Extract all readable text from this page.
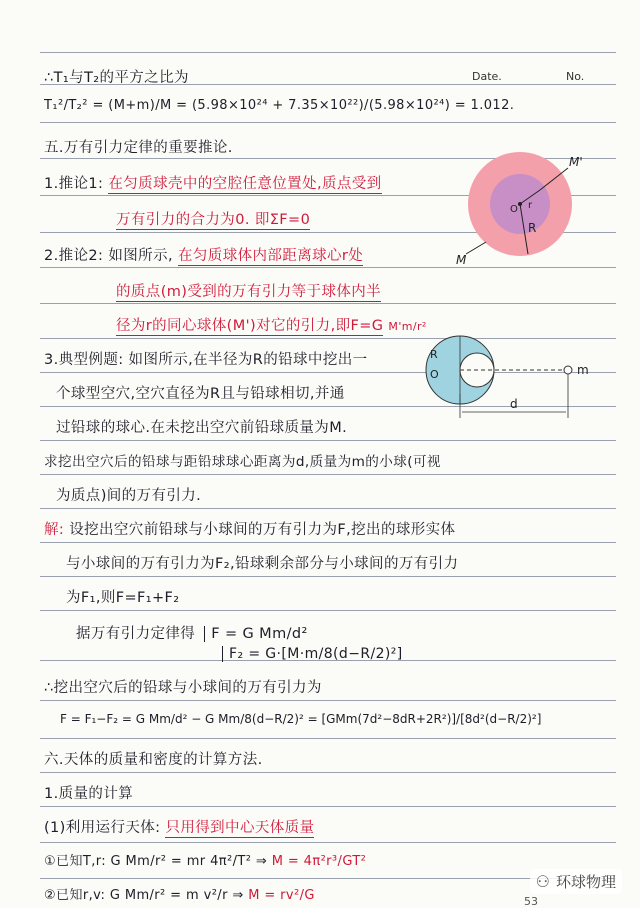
Date.	No.
∴T₁与T₂的平方之比为
T₁²/T₂² = (M+m)/M = (5.98×10²⁴ + 7.35×10²²)/(5.98×10²⁴) = 1.012.
五.万有引力定律的重要推论.
1.推论1: 在匀质球壳中的空腔任意位置处,质点受到
万有引力的合力为0. 即ΣF=0
2.推论2: 如图所示, 在匀质球体内部距离球心r处
的质点(m)受到的万有引力等于球体内半
径为r的同心球体(M')对它的引力,即F=G M'm/r²
3.典型例题: 如图所示,在半径为R的铅球中挖出一
个球型空穴,空穴直径为R且与铅球相切,并通
过铅球的球心.在未挖出空穴前铅球质量为M.
求挖出空穴后的铅球与距铅球球心距离为d,质量为m的小球(可视
为质点)间的万有引力.
解: 设挖出空穴前铅球与小球间的万有引力为F,挖出的球形实体
与小球间的万有引力为F₂,铅球剩余部分与小球间的万有引力
为F₁,则F=F₁+F₂
据万有引力定律得 F = G Mm/d²
F₂ = G·[M·m/8(d−R/2)²]
∴挖出空穴后的铅球与小球间的万有引力为
F = F₁−F₂ = G Mm/d² − G Mm/8(d−R/2)² = [GMm(7d²−8dR+2R²)]/[8d²(d−R/2)²]
六.天体的质量和密度的计算方法.
1.质量的计算
(1)利用运行天体: 只用得到中心天体质量
①已知T,r: G Mm/r² = mr 4π²/T² ⇒ M = 4π²r³/GT²
②已知r,v: G Mm/r² = m v²/r ⇒ M = rv²/G
M'
M
R
O r
R
O	m
d
⚇ 环球物理
53
